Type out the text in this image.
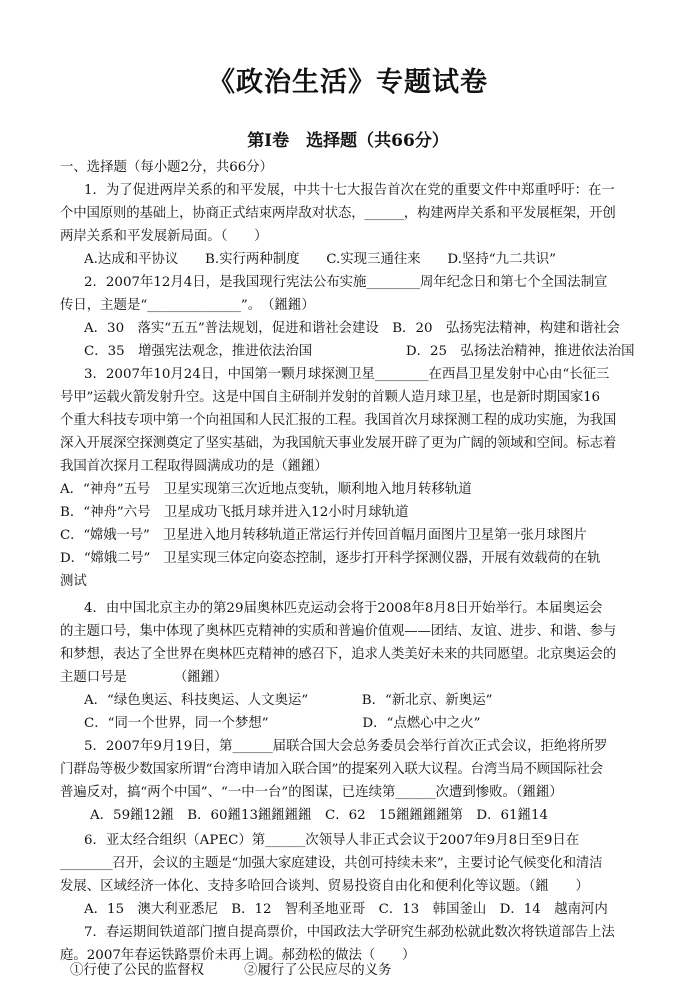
《政治生活》专题试卷
第Ⅰ卷　选择题（共66分）
一、选择题（每小题2分，共66分）
1．为了促进两岸关系的和平发展，中共十七大报告首次在党的重要文件中郑重呼吁：在一
个中国原则的基础上，协商正式结束两岸敌对状态，______，构建两岸关系和平发展框架，开创
两岸关系和平发展新局面。（　　）
A.达成和平协议　　B.实行两种制度　　C.实现三通往来　　D.坚持“九二共识”
2．2007年12月4日，是我国现行宪法公布实施________周年纪念日和第七个全国法制宣
传日，主题是“______________”。　（鎺鎺）
A．30　落实“五五”普法规划，促进和谐社会建设　B．20　弘扬宪法精神，构建和谐社会
C．35　增强宪法观念，推进依法治国　　　　　　　D．25　弘扬法治精神，推进依法治国
3．2007年10月24日，中国第一颗月球探测卫星________在西昌卫星发射中心由“长征三
号甲”运载火箭发射升空。这是中国自主研制并发射的首颗人造月球卫星，也是新时期国家16
个重大科技专项中第一个向祖国和人民汇报的工程。我国首次月球探测工程的成功实施，为我国
深入开展深空探测奠定了坚实基础，为我国航天事业发展开辟了更为广阔的领域和空间。标志着
我国首次探月工程取得圆满成功的是（鎺鎺）
A．“神舟”五号　卫星实现第三次近地点变轨，顺利地入地月转移轨道
B．“神舟”六号　卫星成功飞抵月球并进入12小时月球轨道
C．“嫦娥一号”　卫星进入地月转移轨道正常运行并传回首幅月面图片卫星第一张月球图片
D．“嫦娥二号”　卫星实现三体定向姿态控制，逐步打开科学探测仪器，开展有效载荷的在轨
测试
4．由中国北京主办的第29届奥林匹克运动会将于2008年8月8日开始举行。本届奥运会
的主题口号，集中体现了奥林匹克精神的实质和普遍价值观——团结、友谊、进步、和谐、参与
和梦想，表达了全世界在奥林匹克精神的感召下，追求人类美好未来的共同愿望。北京奥运会的
主题口号是　　　　（鎺鎺）
A．“绿色奥运、科技奥运、人文奥运”　　　　B．“新北京、新奥运”
C．“同一个世界，同一个梦想”　　　　　　　D．“点燃心中之火”
5．2007年9月19日，第______届联合国大会总务委员会举行首次正式会议，拒绝将所罗
门群岛等极少数国家所谓“台湾申请加入联合国”的提案列入联大议程。台湾当局不顾国际社会
普遍反对，搞“两个中国”、“一中一台”的图谋，已连续第______次遭到惨败。（鎺鎺）
A．59鎺12鎺　B．60鎺13鎺鎺鎺鎺　C．62　15鎺鎺鎺鎺第　D．61鎺14
6．亚太经合组织（APEC）第______次领导人非正式会议于2007年9月8日至9日在
________召开，会议的主题是“加强大家庭建设，共创可持续未来”，主要讨论气候变化和清洁
发展、区域经济一体化、支持多哈回合谈判、贸易投资自由化和便利化等议题。（鎺　　）
A．15　澳大利亚悉尼　B．12　智利圣地亚哥　C．13　韩国釜山　D．14　越南河内
7．春运期间铁道部门擅自提高票价，中国政法大学研究生郝劲松就此数次将铁道部告上法
庭。2007年春运铁路票价未再上调。郝劲松的做法（　　）
①行使了公民的监督权　　　②履行了公民应尽的义务
